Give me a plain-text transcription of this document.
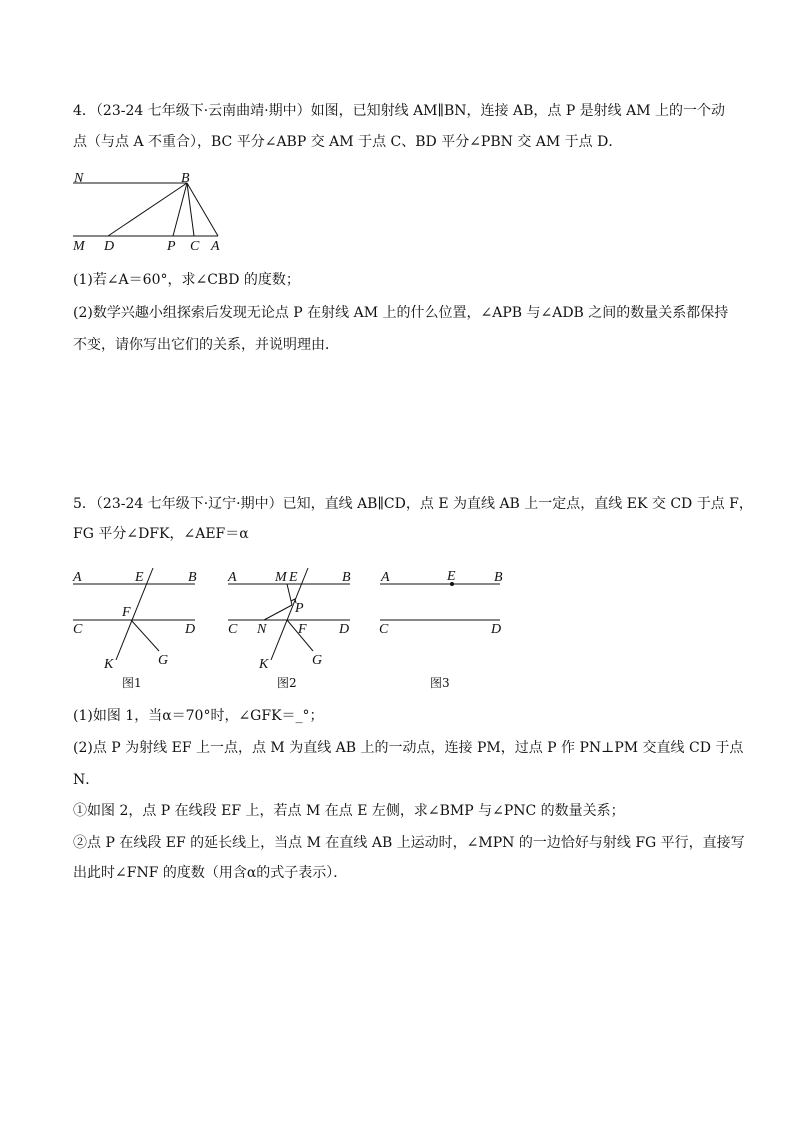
4．（23-24 七年级下·云南曲靖·期中）如图，已知射线 AM∥BN，连接 AB，点 P 是射线 AM 上的一个动
点（与点 A 不重合），BC 平分∠ABP 交 AM 于点 C、BD 平分∠PBN 交 AM 于点 D．
N	B
M D	P C A
(1)若∠A＝60°，求∠CBD 的度数；
(2)数学兴趣小组探索后发现无论点 P 在射线 AM 上的什么位置，∠APB 与∠ADB 之间的数量关系都保持
不变，请你写出它们的关系，并说明理由．
5．（23-24 七年级下·辽宁·期中）已知，直线 AB∥CD，点 E 为直线 AB 上一定点，直线 EK 交 CD 于点 F，
FG 平分∠DFK，∠AEF＝α
A	E	B
F
C	D
K	G
图1
A	M E	B
P
C N F D
K	G
图2
A	E	B
C	D
图3
(1)如图 1，当α＝70°时，∠GFK＝_°；
(2)点 P 为射线 EF 上一点，点 M 为直线 AB 上的一动点，连接 PM，过点 P 作 PN⊥PM 交直线 CD 于点
N．
①如图 2，点 P 在线段 EF 上，若点 M 在点 E 左侧，求∠BMP 与∠PNC 的数量关系；
②点 P 在线段 EF 的延长线上，当点 M 在直线 AB 上运动时，∠MPN 的一边恰好与射线 FG 平行，直接写
出此时∠FNF 的度数（用含α的式子表示）．
